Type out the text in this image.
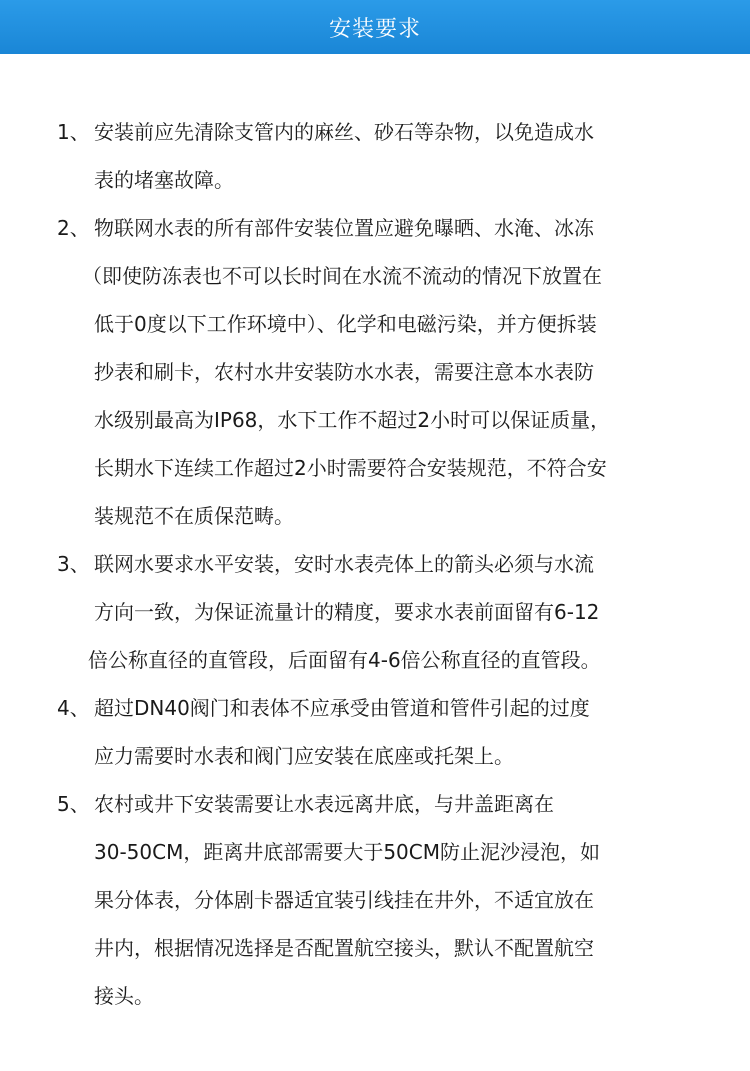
安装要求
1、 安装前应先清除支管内的麻丝、砂石等杂物，以免造成水
表的堵塞故障。
2、 物联网水表的所有部件安装位置应避免曝晒、水淹、冰冻
（即使防冻表也不可以长时间在水流不流动的情况下放置在
低于0度以下工作环境中）、化学和电磁污染，并方便拆装
抄表和刷卡，农村水井安装防水水表，需要注意本水表防
水级别最高为IP68，水下工作不超过2小时可以保证质量，
长期水下连续工作超过2小时需要符合安装规范，不符合安
装规范不在质保范畴。
3、 联网水要求水平安装，安时水表壳体上的箭头必须与水流
方向一致，为保证流量计的精度，要求水表前面留有6-12
倍公称直径的直管段，后面留有4-6倍公称直径的直管段。
4、 超过DN40阀门和表体不应承受由管道和管件引起的过度
应力需要时水表和阀门应安装在底座或托架上。
5、 农村或井下安装需要让水表远离井底，与井盖距离在
30-50CM，距离井底部需要大于50CM防止泥沙浸泡，如
果分体表，分体剧卡器适宜装引线挂在井外，不适宜放在
井内，根据情况选择是否配置航空接头，默认不配置航空
接头。
